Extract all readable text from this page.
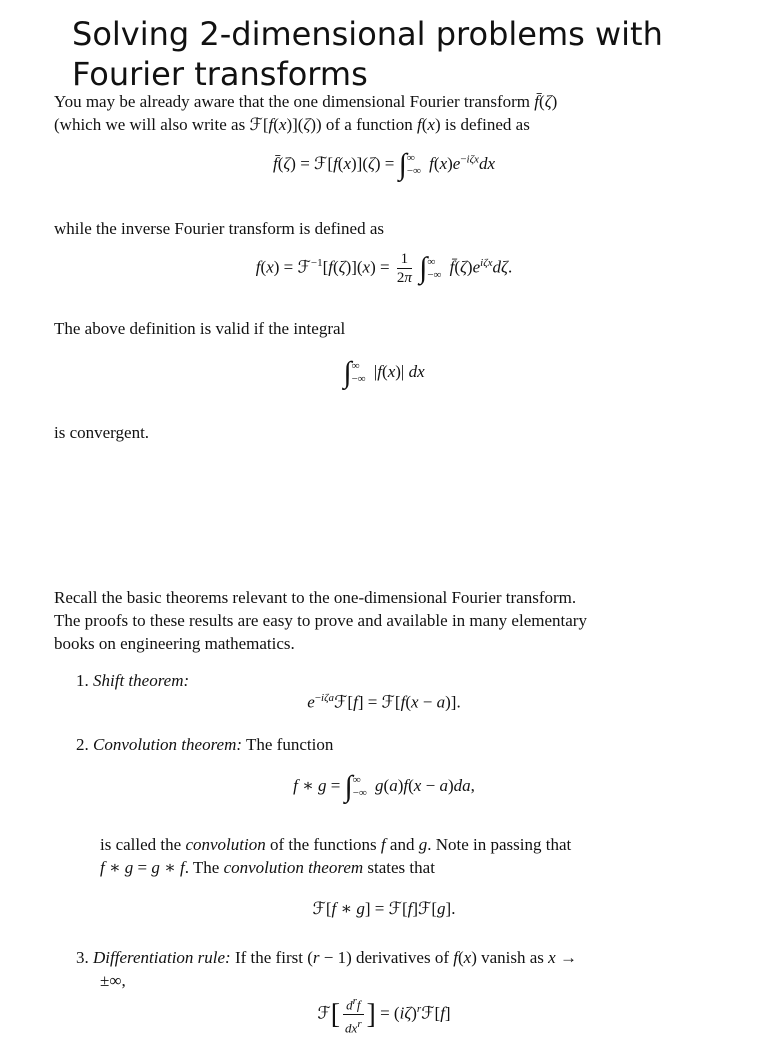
Solving 2-dimensional problems with Fourier transforms
You may be already aware that the one dimensional Fourier transform f̄(ζ)
(which we will also write as ℱ[f(x)](ζ)) of a function f(x) is defined as
f̄(ζ) = ℱ[f(x)](ζ) = ∫∞
−∞ $f(x)e^{-i\zeta x}dx$
while the inverse Fourier transform is defined as
f(x) = ℱ$^{-1}$[f(ζ)](x) = $\frac{1}{2\pi}$ ∫∞
−∞ $f̄(\zeta)e^{i\zeta x}d\zeta$.
The above definition is valid if the integral
∫∞
−∞ |f(x)| dx
is convergent.
Recall the basic theorems relevant to the one-dimensional Fourier transform.
The proofs to these results are easy to prove and available in many elementary
books on engineering mathematics.
1. Shift theorem:
$e^{-i\zeta a}ℱ[f]$ = ℱ[f(x − a)].
2. Convolution theorem: The function
f ∗ g = ∫∞
−∞ g(a)f(x − a)da,
is called the convolution of the functions f and g. Note in passing that
f ∗ g = g ∗ f. The convolution theorem states that
ℱ[f ∗ g] = ℱ[f]ℱ[g].
3. Differentiation rule: If the first (r − 1) derivatives of f(x) vanish as x →
±∞,
ℱ[ $\frac{d^rf}{dx^r}$ ] = $(i\zeta)^rℱ[f]$
